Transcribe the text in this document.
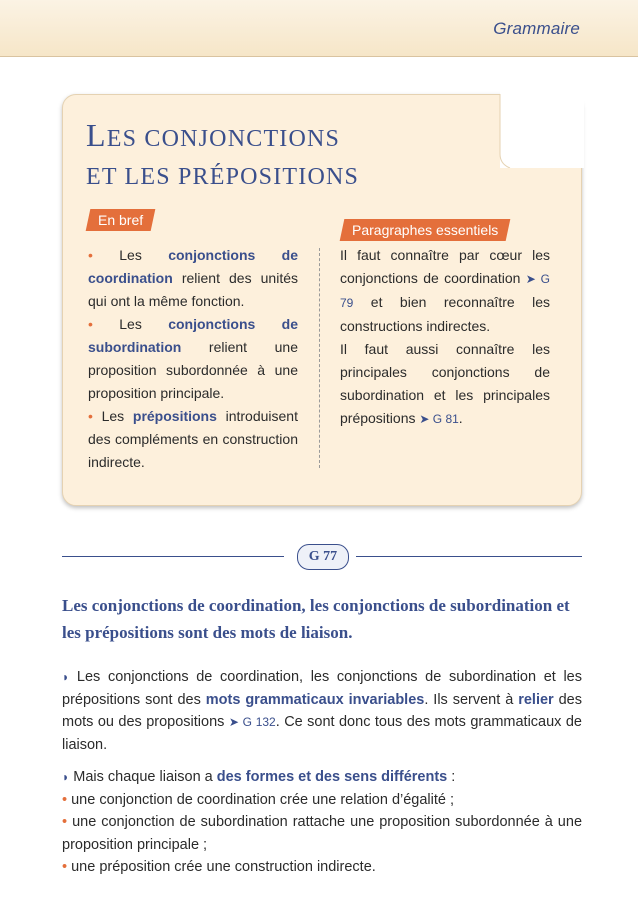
Grammaire
LES CONJONCTIONS
ET LES PRÉPOSITIONS
En bref
Paragraphes essentiels
• Les conjonctions de coordination relient des unités qui ont la même fonction.
• Les conjonctions de subordination relient une proposition subordonnée à une proposition principale.
• Les prépositions introduisent des compléments en construction indirecte.
Il faut connaître par cœur les conjonctions de coordination ➤ G 79 et bien reconnaître les constructions indirectes.
Il faut aussi connaître les principales conjonctions de subordination et les principales prépositions ➤ G 81.
G 77
Les conjonctions de coordination, les conjonctions de subordination et les prépositions sont des mots de liaison.
◗ Les conjonctions de coordination, les conjonctions de subordination et les prépositions sont des mots grammaticaux invariables. Ils servent à relier des mots ou des propositions ➤ G 132. Ce sont donc tous des mots grammaticaux de liaison.
◗ Mais chaque liaison a des formes et des sens différents :
• une conjonction de coordination crée une relation d’égalité ;
• une conjonction de subordination rattache une proposition subordonnée à une proposition principale ;
• une préposition crée une construction indirecte.
